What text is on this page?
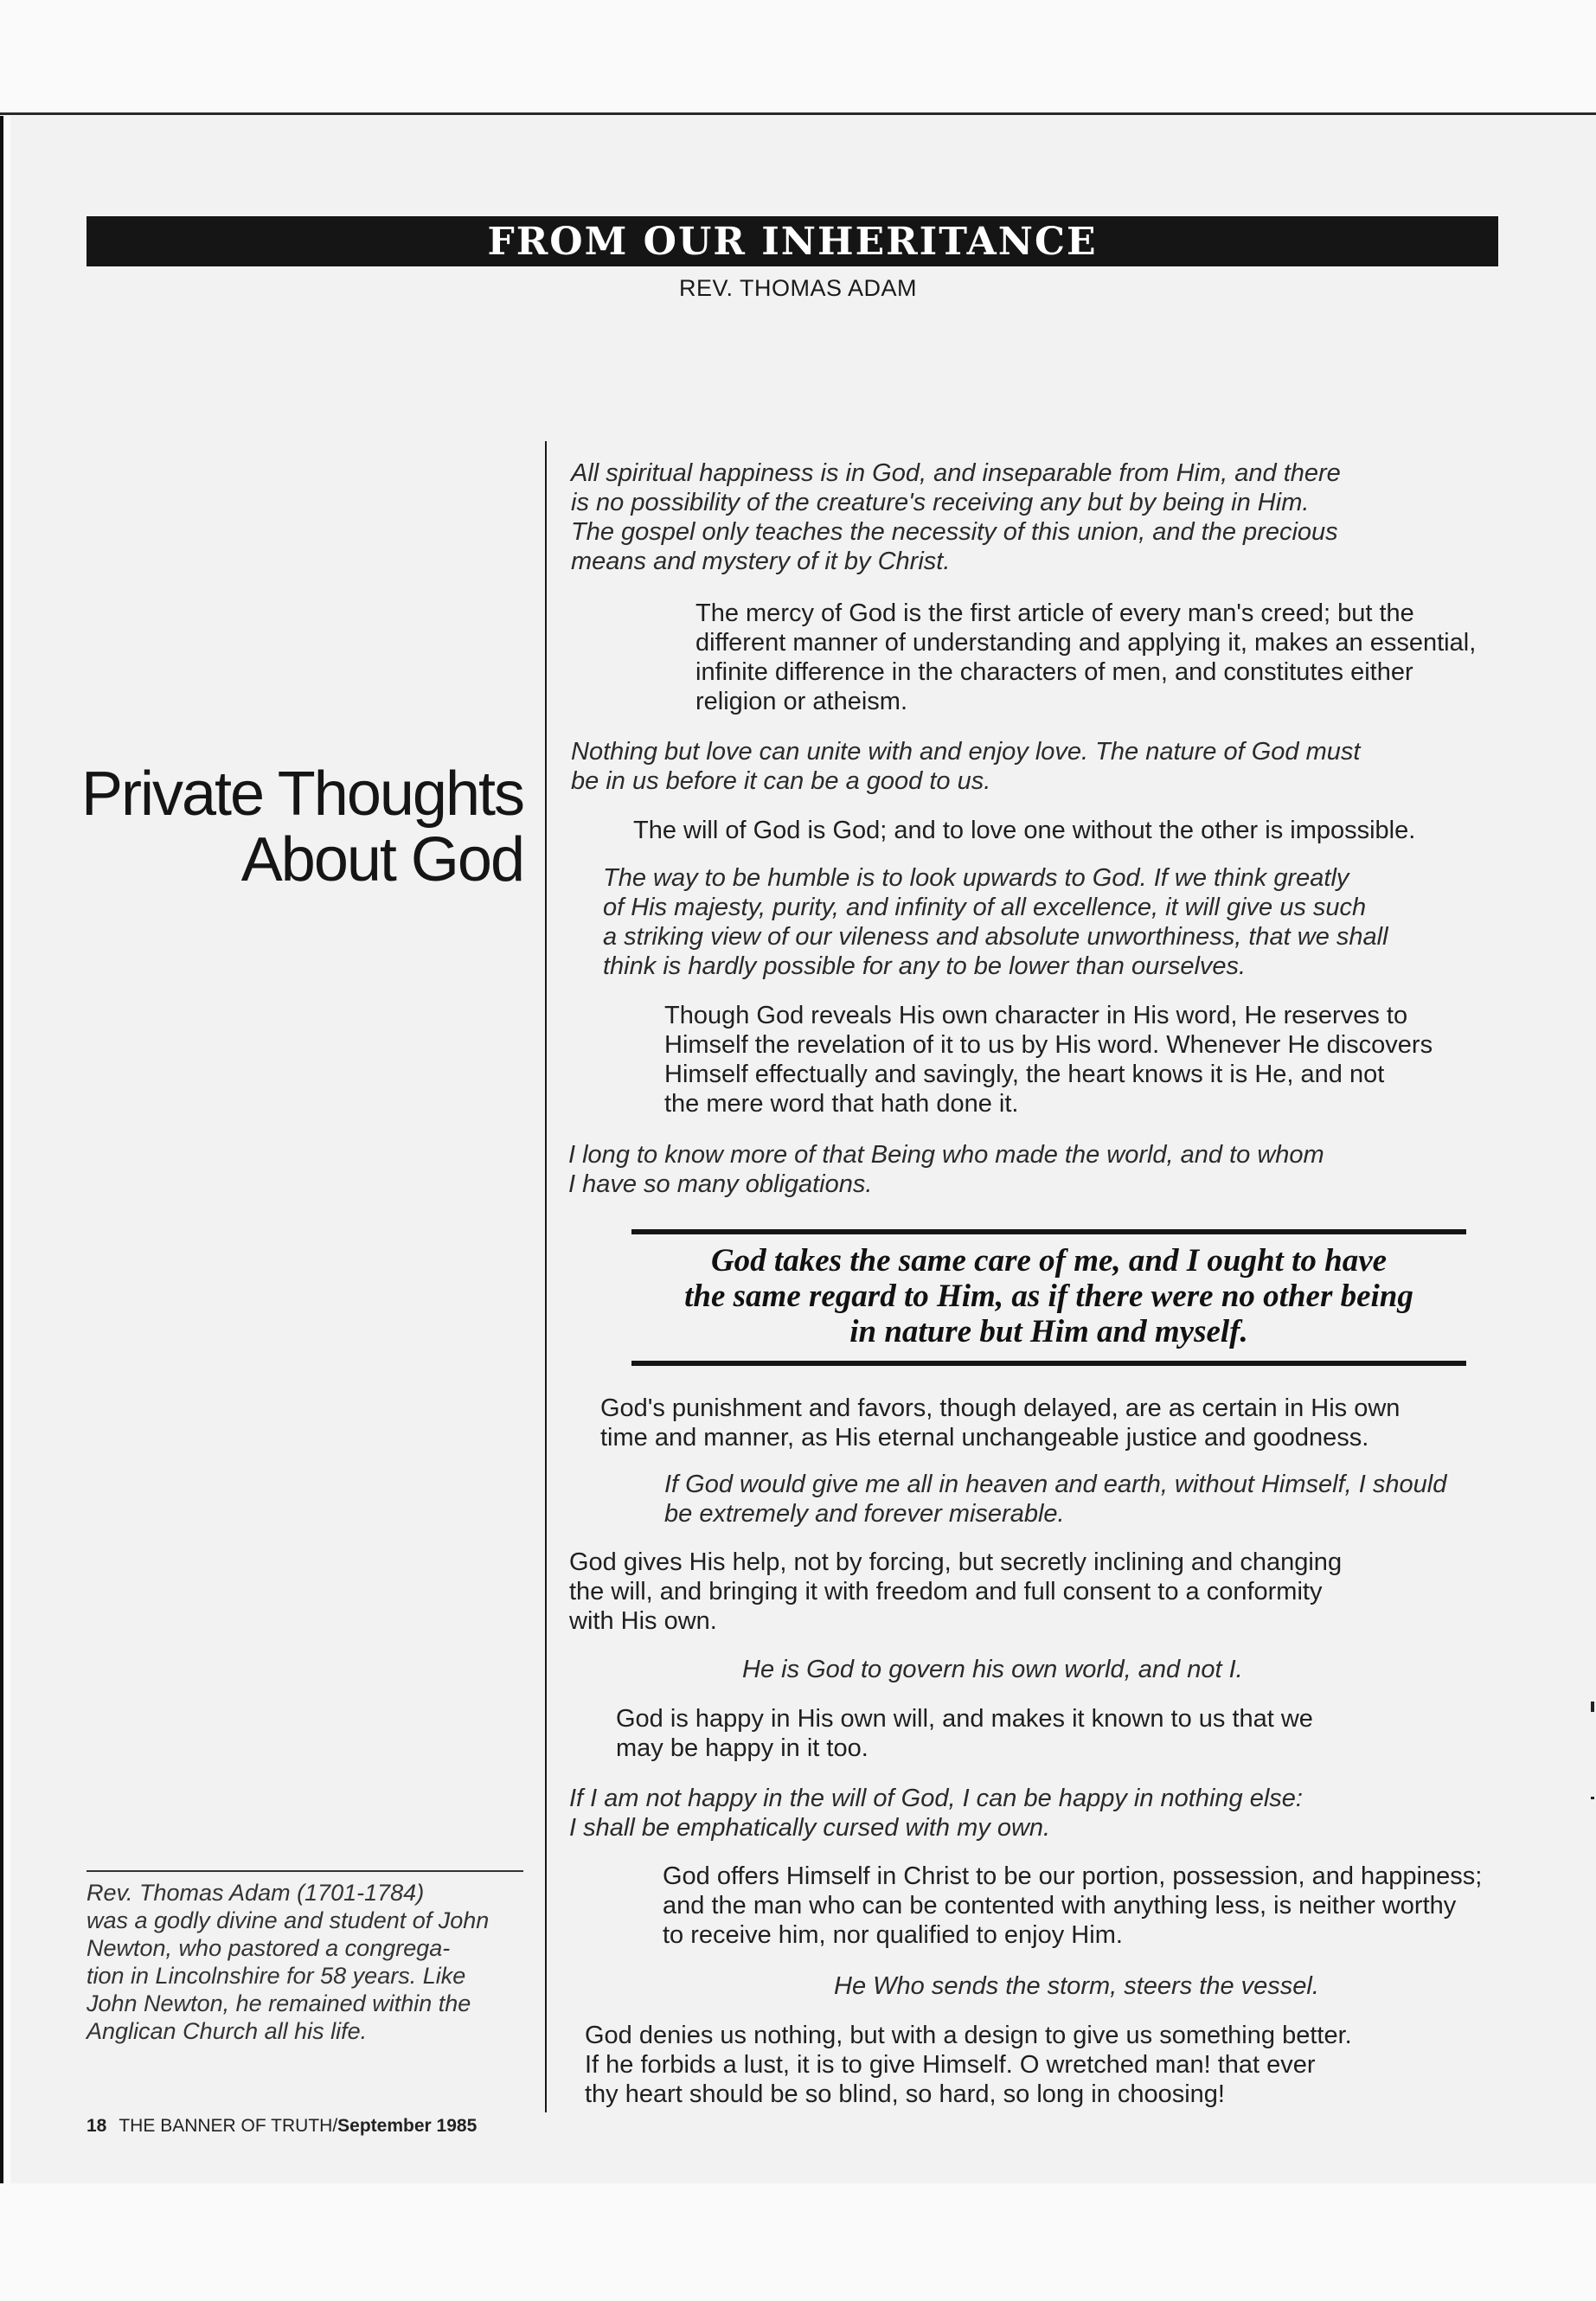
FROM OUR INHERITANCE
REV. THOMAS ADAM
Private Thoughts
About God
Rev. Thomas Adam (1701-1784)
was a godly divine and student of John
Newton, who pastored a congrega-
tion in Lincolnshire for 58 years. Like
John Newton, he remained within the
Anglican Church all his life.
18 THE BANNER OF TRUTH/September 1985
All spiritual happiness is in God, and inseparable from Him, and there
is no possibility of the creature's receiving any but by being in Him.
The gospel only teaches the necessity of this union, and the precious
means and mystery of it by Christ.
The mercy of God is the first article of every man's creed; but the
different manner of understanding and applying it, makes an essential,
infinite difference in the characters of men, and constitutes either
religion or atheism.
Nothing but love can unite with and enjoy love. The nature of God must
be in us before it can be a good to us.
The will of God is God; and to love one without the other is impossible.
The way to be humble is to look upwards to God. If we think greatly
of His majesty, purity, and infinity of all excellence, it will give us such
a striking view of our vileness and absolute unworthiness, that we shall
think is hardly possible for any to be lower than ourselves.
Though God reveals His own character in His word, He reserves to
Himself the revelation of it to us by His word. Whenever He discovers
Himself effectually and savingly, the heart knows it is He, and not
the mere word that hath done it.
I long to know more of that Being who made the world, and to whom
I have so many obligations.
God takes the same care of me, and I ought to have
the same regard to Him, as if there were no other being
in nature but Him and myself.
God's punishment and favors, though delayed, are as certain in His own
time and manner, as His eternal unchangeable justice and goodness.
If God would give me all in heaven and earth, without Himself, I should
be extremely and forever miserable.
God gives His help, not by forcing, but secretly inclining and changing
the will, and bringing it with freedom and full consent to a conformity
with His own.
He is God to govern his own world, and not I.
God is happy in His own will, and makes it known to us that we
may be happy in it too.
If I am not happy in the will of God, I can be happy in nothing else:
I shall be emphatically cursed with my own.
God offers Himself in Christ to be our portion, possession, and happiness;
and the man who can be contented with anything less, is neither worthy
to receive him, nor qualified to enjoy Him.
He Who sends the storm, steers the vessel.
God denies us nothing, but with a design to give us something better.
If he forbids a lust, it is to give Himself. O wretched man! that ever
thy heart should be so blind, so hard, so long in choosing!
